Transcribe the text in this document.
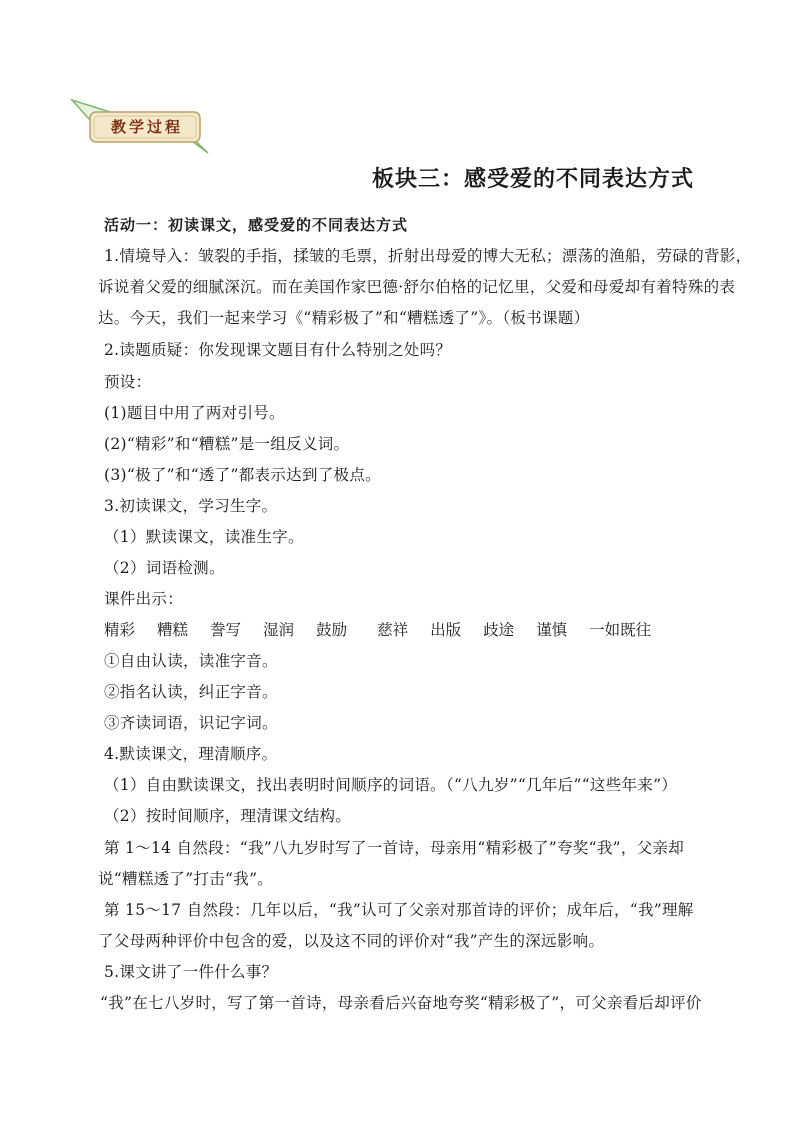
教学过程
板块三：感受爱的不同表达方式
活动一：初读课文，感受爱的不同表达方式
1.情境导入：皱裂的手指，揉皱的毛票，折射出母爱的博大无私；漂荡的渔船，劳碌的背影，
诉说着父爱的细腻深沉。而在美国作家巴德·舒尔伯格的记忆里，父爱和母爱却有着特殊的表
达。今天，我们一起来学习《“精彩极了”和“糟糕透了”》。（板书课题）
2.读题质疑：你发现课文题目有什么特别之处吗？
预设：
(1)题目中用了两对引号。
(2)“精彩”和“糟糕”是一组反义词。
(3)“极了”和“透了”都表示达到了极点。
3.初读课文，学习生字。
（1）默读课文，读准生字。
（2）词语检测。
课件出示：
精彩 糟糕 誊写 湿润 鼓励 慈祥 出版 歧途 谨慎 一如既往
①自由认读，读准字音。
②指名认读，纠正字音。
③齐读词语，识记字词。
4.默读课文，理清顺序。
（1）自由默读课文，找出表明时间顺序的词语。（“八九岁”“几年后”“这些年来”）
（2）按时间顺序，理清课文结构。
第 1～14 自然段：“我”八九岁时写了一首诗，母亲用“精彩极了”夸奖“我”，父亲却
说“糟糕透了”打击“我”。
第 15～17 自然段：几年以后，“我”认可了父亲对那首诗的评价；成年后，“我”理解
了父母两种评价中包含的爱，以及这不同的评价对“我”产生的深远影响。
5.课文讲了一件什么事？
“我”在七八岁时，写了第一首诗，母亲看后兴奋地夸奖“精彩极了”，可父亲看后却评价
